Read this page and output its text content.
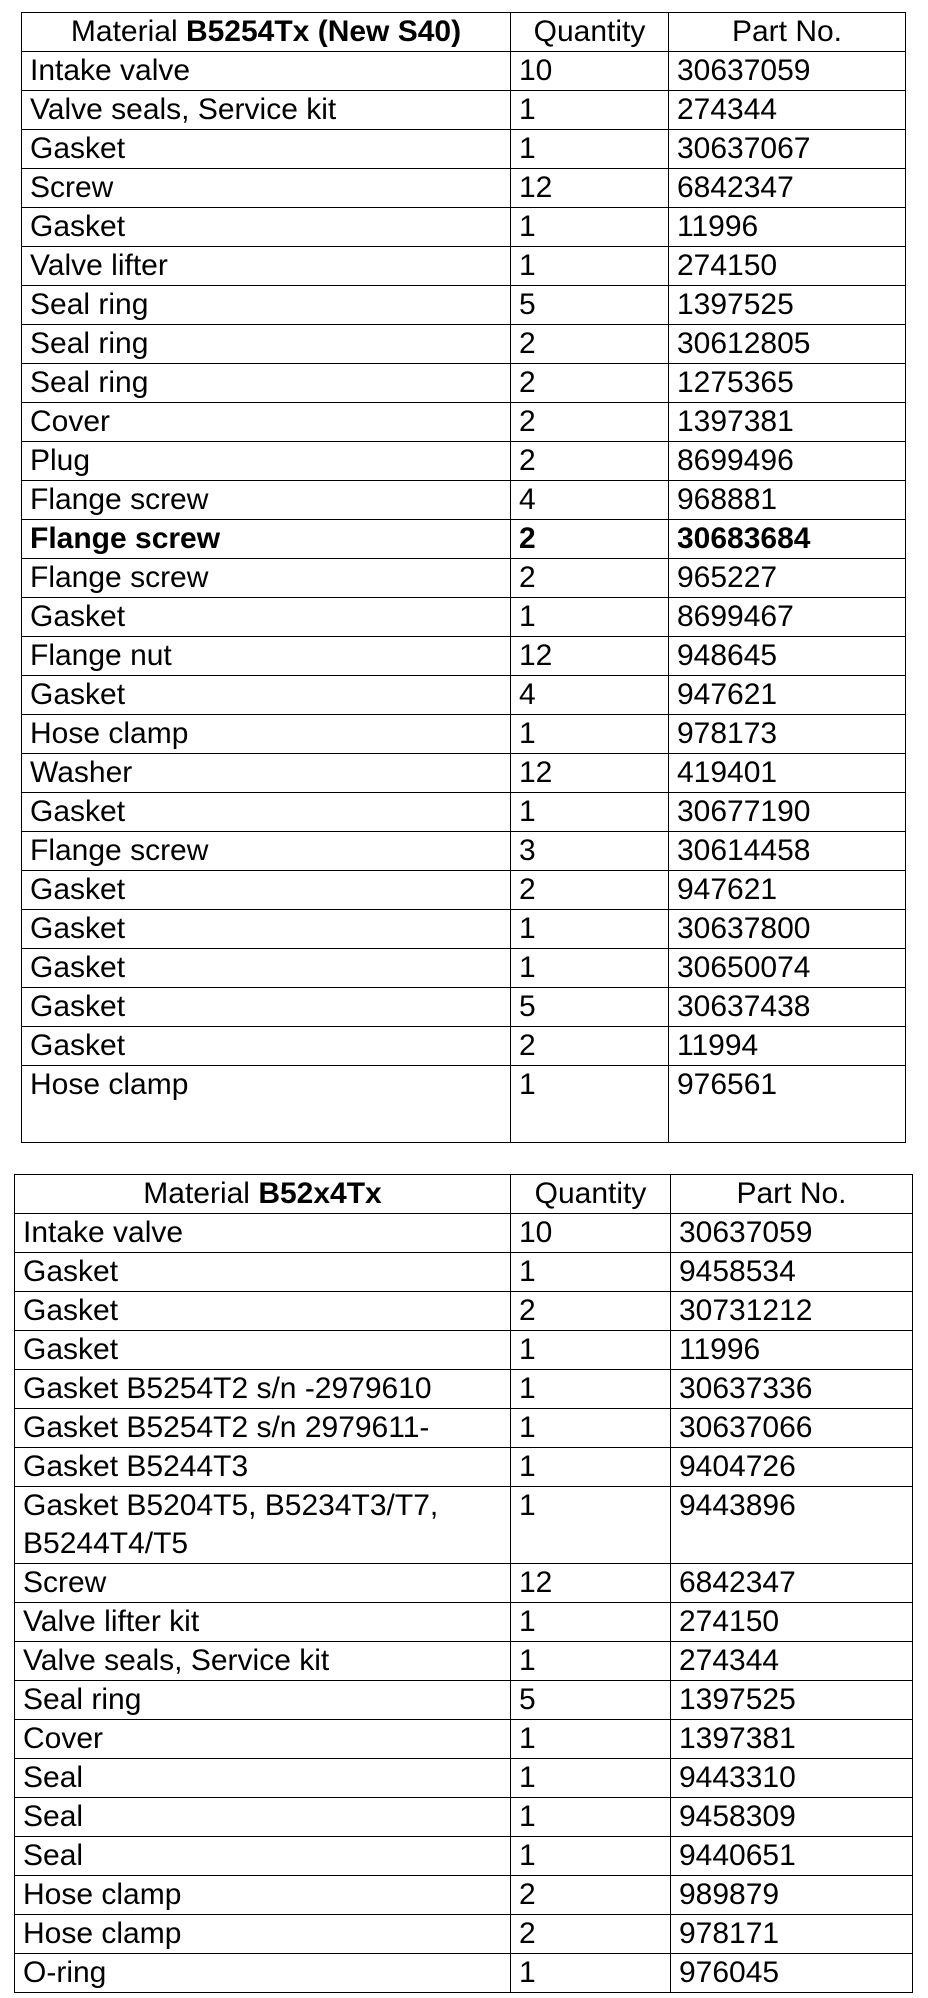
Material B5254Tx (New S40)	Quantity	Part No.
Intake valve	10	30637059
Valve seals, Service kit	1	274344
Gasket	1	30637067
Screw	12	6842347
Gasket	1	11996
Valve lifter	1	274150
Seal ring	5	1397525
Seal ring	2	30612805
Seal ring	2	1275365
Cover	2	1397381
Plug	2	8699496
Flange screw	4	968881
Flange screw	2	30683684
Flange screw	2	965227
Gasket	1	8699467
Flange nut	12	948645
Gasket	4	947621
Hose clamp	1	978173
Washer	12	419401
Gasket	1	30677190
Flange screw	3	30614458
Gasket	2	947621
Gasket	1	30637800
Gasket	1	30650074
Gasket	5	30637438
Gasket	2	11994
Hose clamp	1	976561
Material B52x4Tx	Quantity	Part No.
Intake valve	10	30637059
Gasket	1	9458534
Gasket	2	30731212
Gasket	1	11996
Gasket B5254T2 s/n -2979610	1	30637336
Gasket B5254T2 s/n 2979611-	1	30637066
Gasket B5244T3	1	9404726
Gasket B5204T5, B5234T3/T7, B5244T4/T5	1	9443896
Screw	12	6842347
Valve lifter kit	1	274150
Valve seals, Service kit	1	274344
Seal ring	5	1397525
Cover	1	1397381
Seal	1	9443310
Seal	1	9458309
Seal	1	9440651
Hose clamp	2	989879
Hose clamp	2	978171
O-ring	1	976045
